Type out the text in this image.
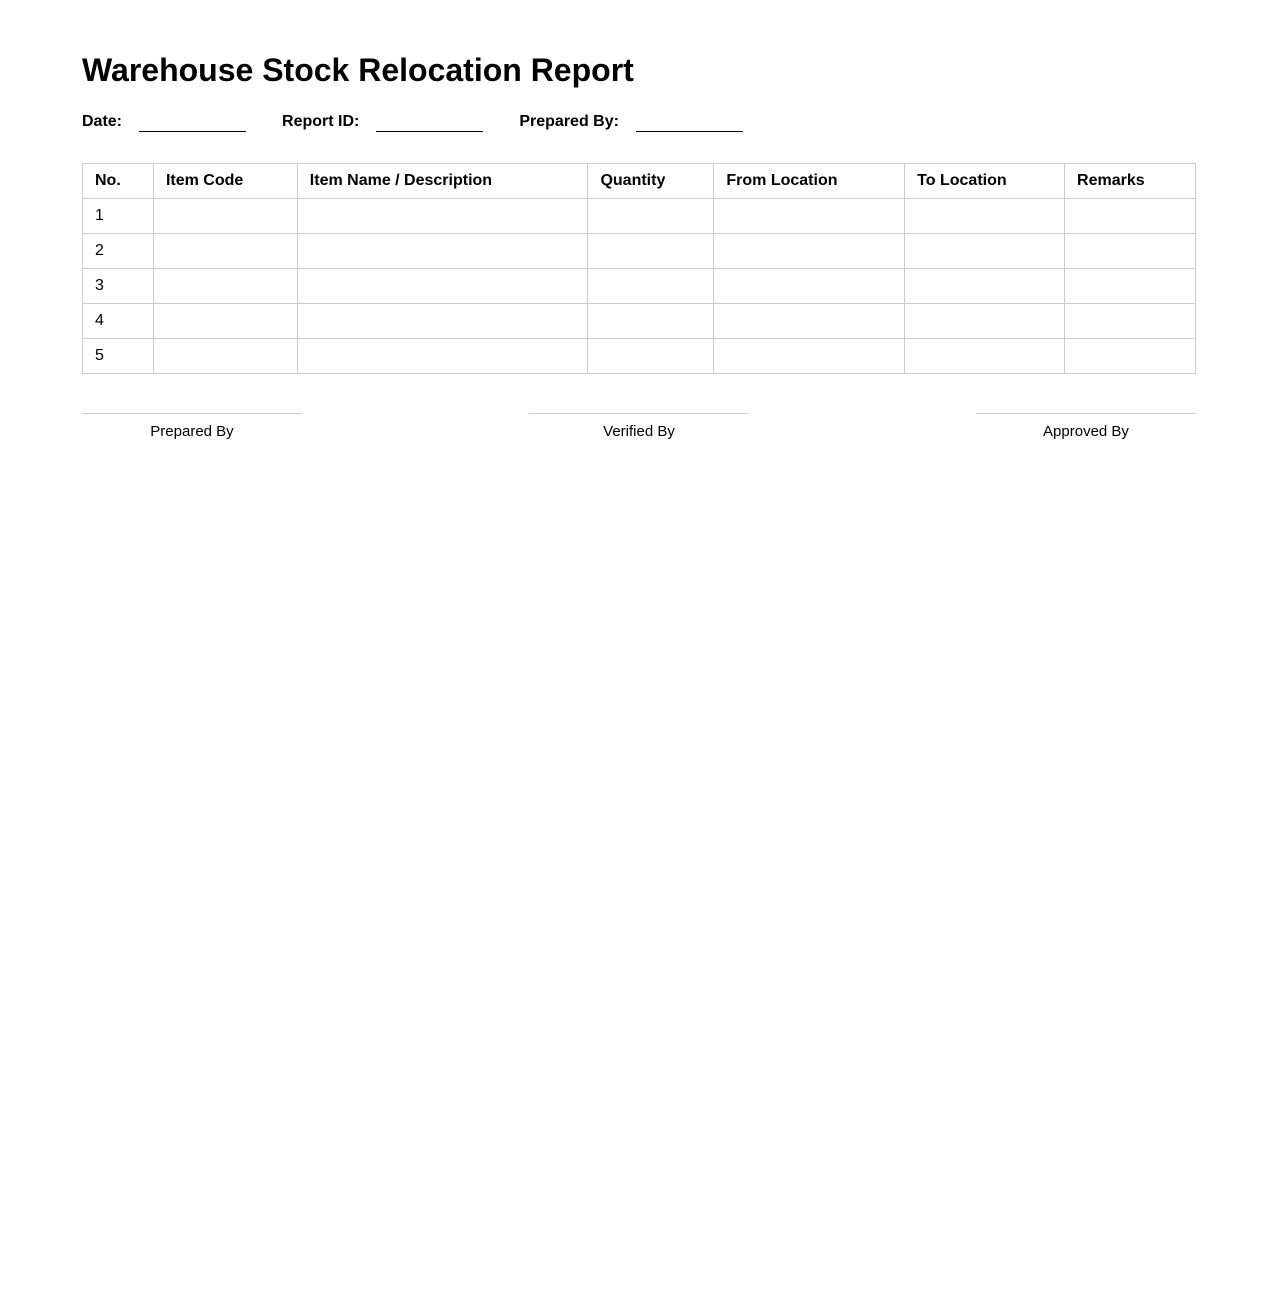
Warehouse Stock Relocation Report
Date:	Report ID:	Prepared By:
No.	Item Code	Item Name / Description	Quantity	From Location	To Location	Remarks
1						
2						
3						
4						
5						
Prepared By	Verified By	Approved By
